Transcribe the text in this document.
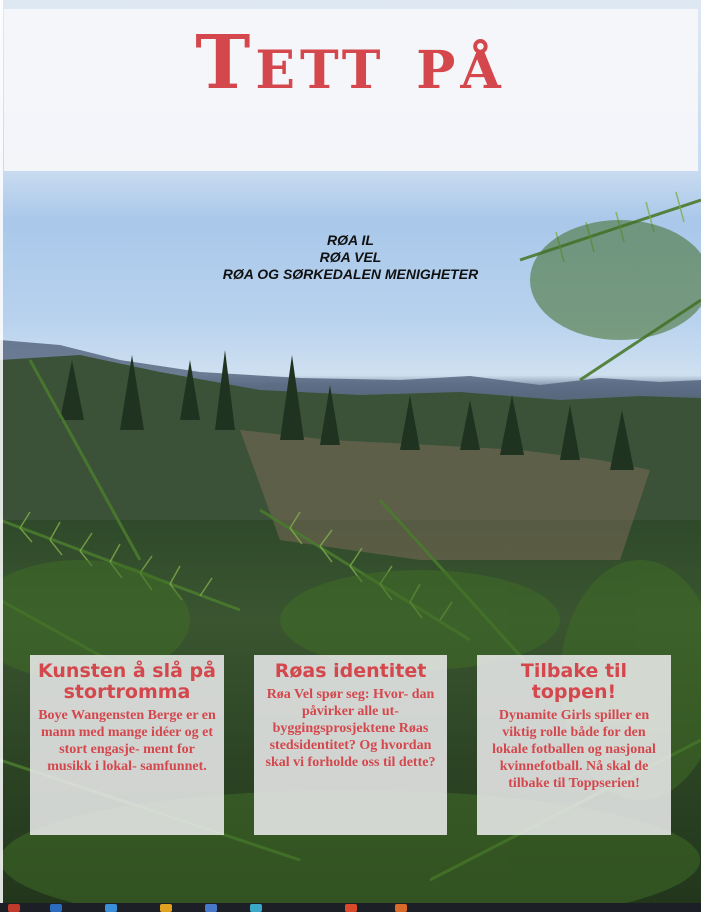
Tett på
RØA IL
RØA VEL
RØA OG SØRKEDALEN MENIGHETER
Kunsten å slå på stortromma

Boye Wangensten Berge er en mann med mange idéer og et stort engasje- ment for musikk i lokal- samfunnet.

Røas identitet

Røa Vel spør seg: Hvor- dan påvirker alle ut- byggingsprosjektene Røas stedsidentitet? Og hvordan skal vi forholde oss til dette?

Tilbake til toppen!

Dynamite Girls spiller en viktig rolle både for den lokale fotballen og nasjonal kvinnefotball. Nå skal de tilbake til Toppserien!
